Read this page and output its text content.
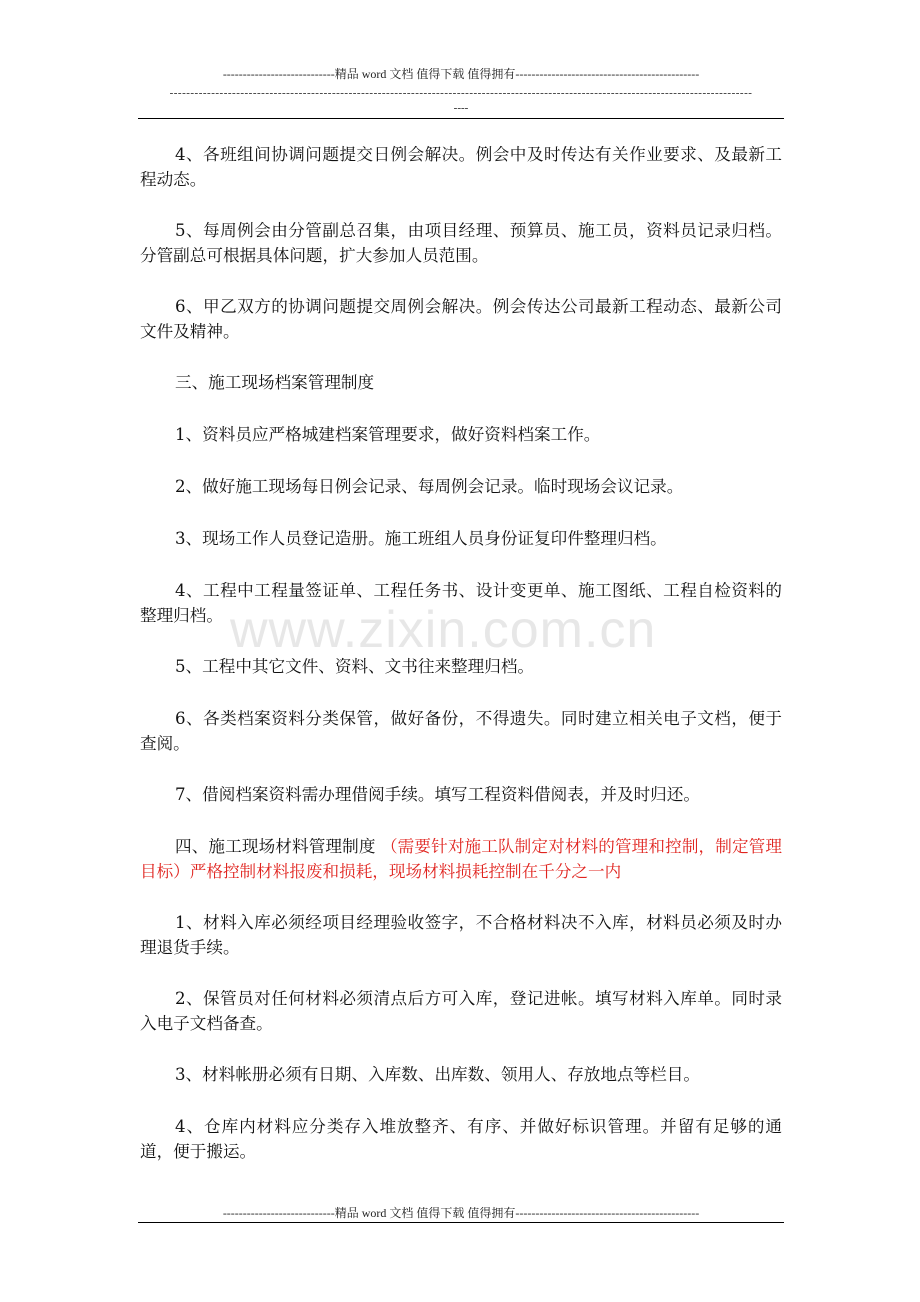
----------------------------精品 word 文档 值得下载 值得拥有----------------------------------------------
--------------------------------------------------------------------------------------------------------------------------------------------
----
www.zixin.com.cn

4、各班组间协调问题提交日例会解决。例会中及时传达有关作业要求、及最新工程动态。

5、每周例会由分管副总召集，由项目经理、预算员、施工员，资料员记录归档。分管副总可根据具体问题，扩大参加人员范围。

6、甲乙双方的协调问题提交周例会解决。例会传达公司最新工程动态、最新公司文件及精神。

三、施工现场档案管理制度

1、资料员应严格城建档案管理要求，做好资料档案工作。

2、做好施工现场每日例会记录、每周例会记录。临时现场会议记录。

3、现场工作人员登记造册。施工班组人员身份证复印件整理归档。

4、工程中工程量签证单、工程任务书、设计变更单、施工图纸、工程自检资料的整理归档。

5、工程中其它文件、资料、文书往来整理归档。

6、各类档案资料分类保管，做好备份，不得遗失。同时建立相关电子文档，便于查阅。

7、借阅档案资料需办理借阅手续。填写工程资料借阅表，并及时归还。

四、施工现场材料管理制度 （需要针对施工队制定对材料的管理和控制，制定管理目标）严格控制材料报废和损耗，现场材料损耗控制在千分之一内

1、材料入库必须经项目经理验收签字，不合格材料决不入库，材料员必须及时办理退货手续。

2、保管员对任何材料必须清点后方可入库，登记进帐。填写材料入库单。同时录入电子文档备查。

3、材料帐册必须有日期、入库数、出库数、领用人、存放地点等栏目。

4、仓库内材料应分类存入堆放整齐、有序、并做好标识管理。并留有足够的通道，便于搬运。

----------------------------精品 word 文档 值得下载 值得拥有----------------------------------------------
